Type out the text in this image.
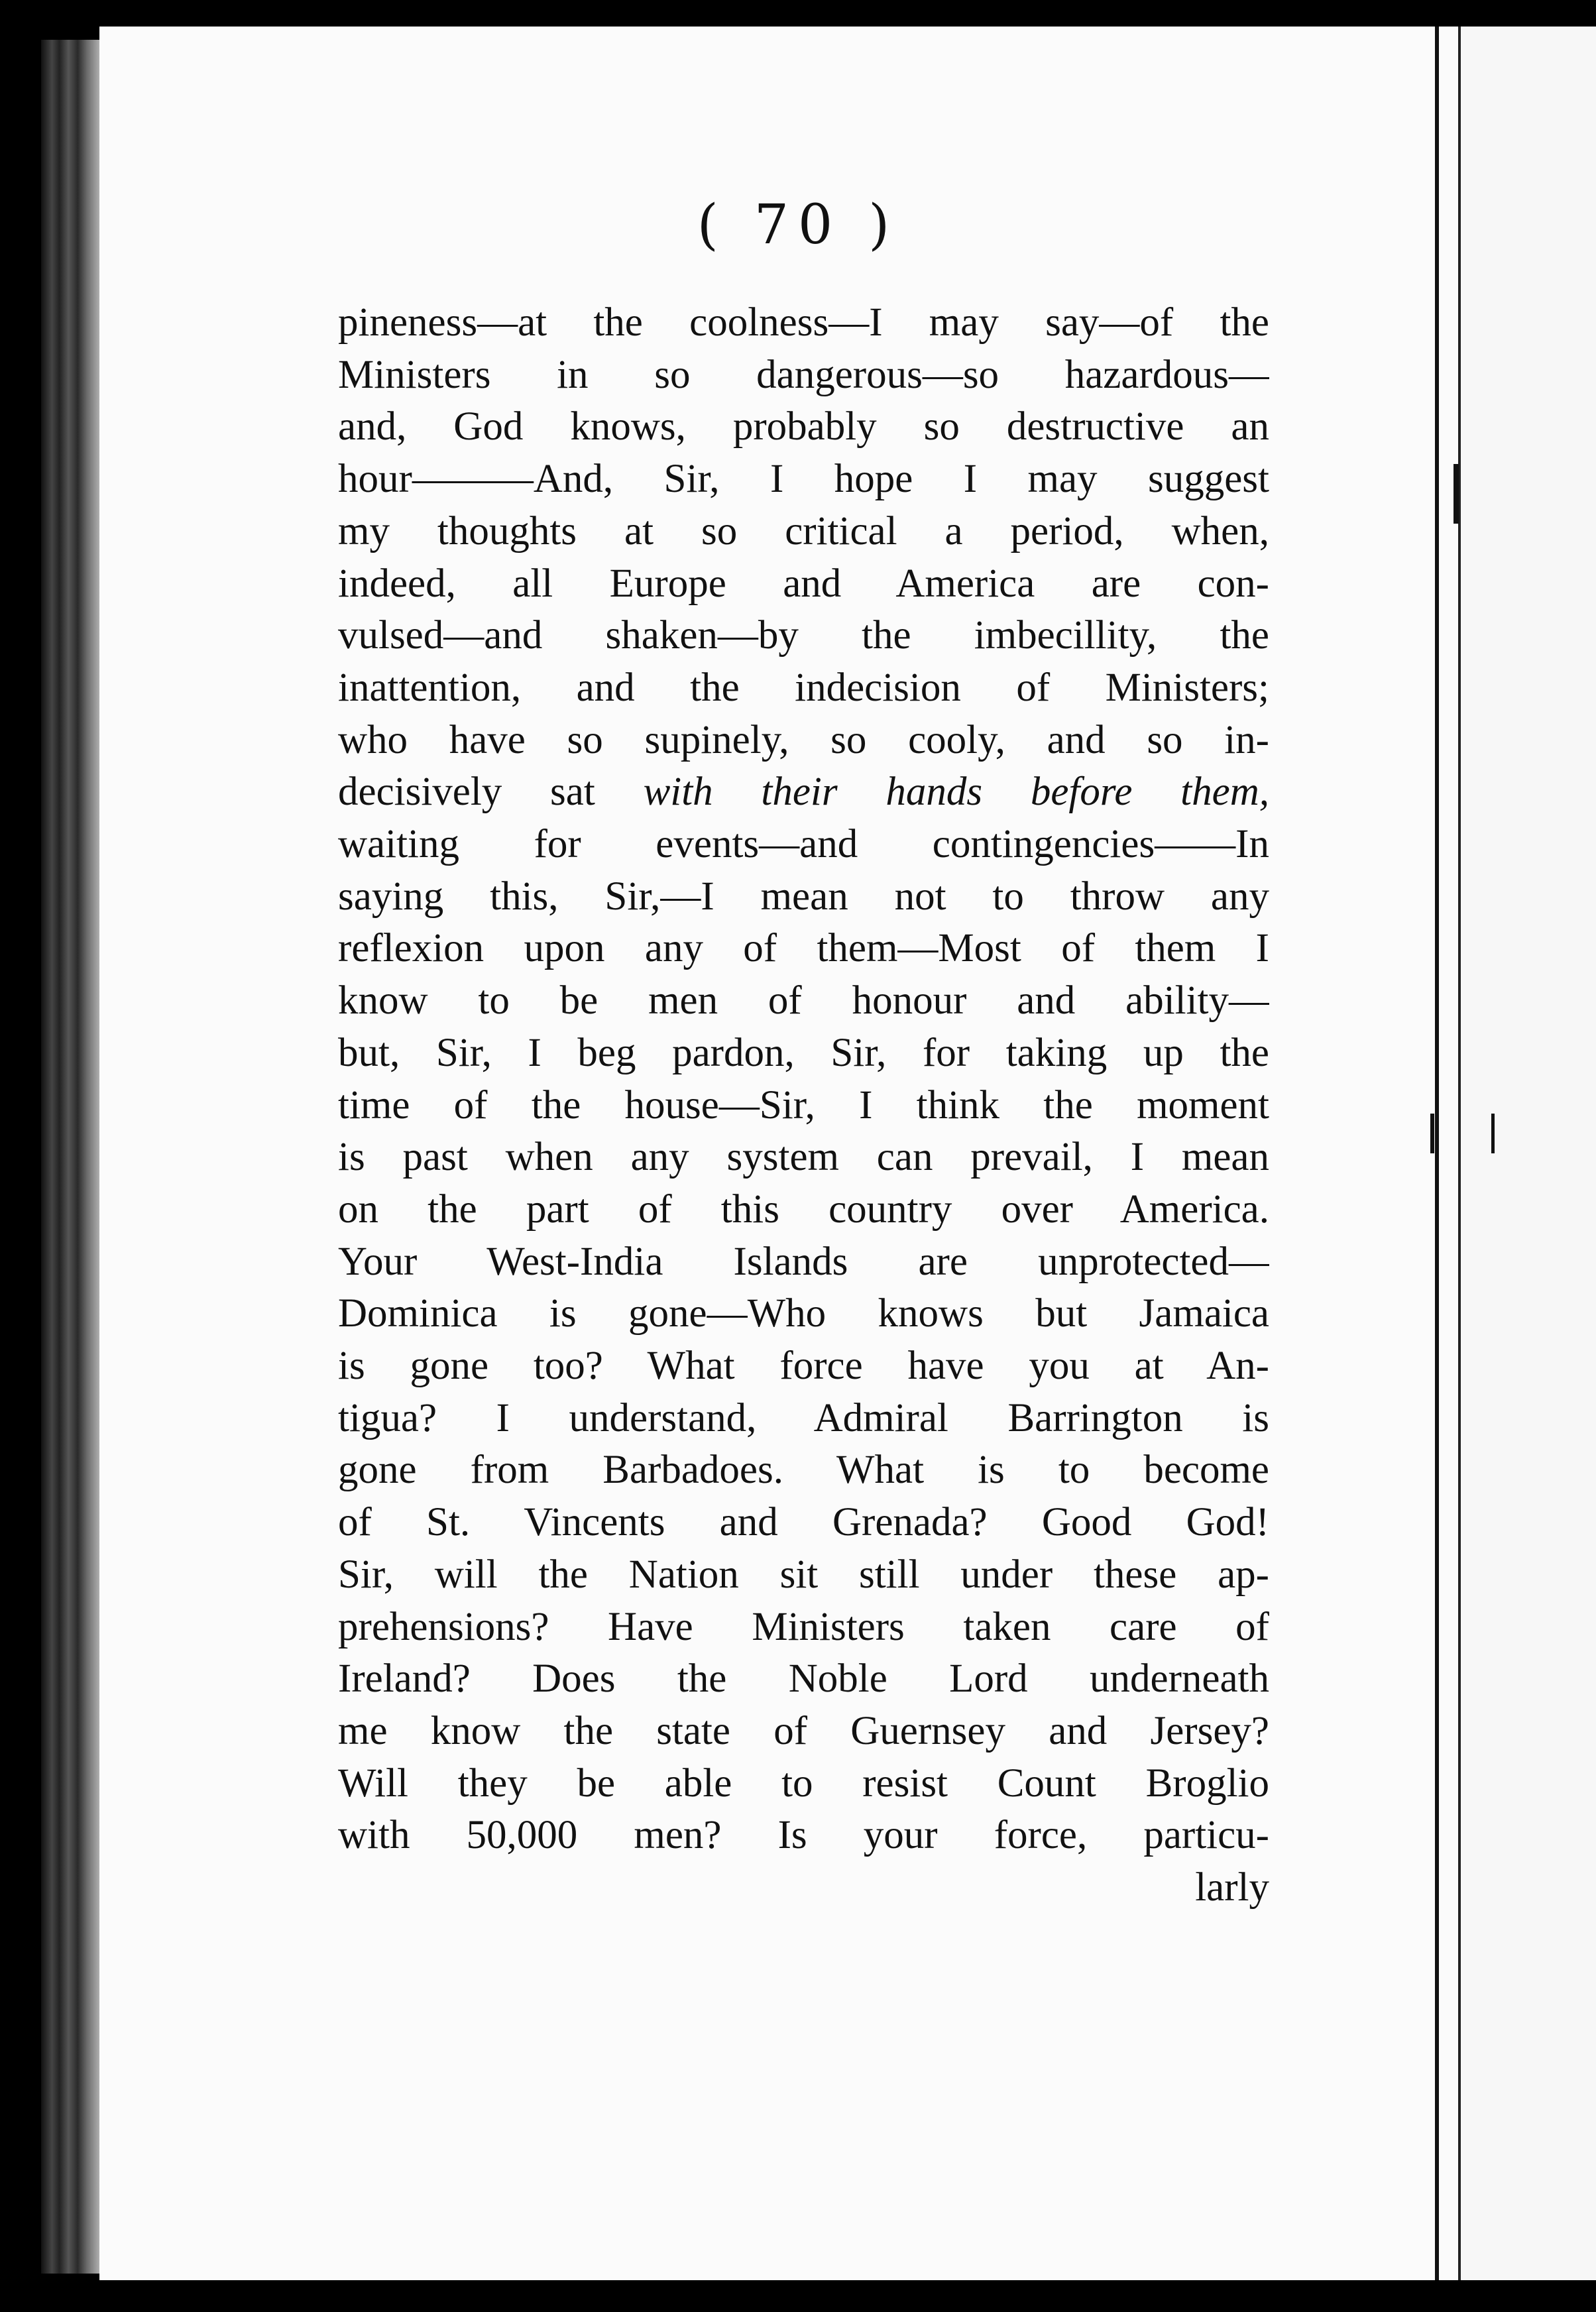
( 70 )
pineness—at the coolness—I may say—of the
Ministers in so dangerous—so hazardous—
and, God knows, probably so destructive an
hour———And, Sir, I hope I may suggest
my thoughts at so critical a period, when,
indeed, all Europe and America are con-
vulsed—and shaken—by the imbecillity, the
inattention, and the indecision of Ministers;
who have so supinely, so cooly, and so in-
decisively sat with their hands before them,
waiting for events—and contingencies——In
saying this, Sir,—I mean not to throw any
reflexion upon any of them—Most of them I
know to be men of honour and ability—
but, Sir, I beg pardon, Sir, for taking up the
time of the house—Sir, I think the moment
is past when any system can prevail, I mean
on the part of this country over America.
Your West-India Islands are unprotected—
Dominica is gone—Who knows but Jamaica
is gone too? What force have you at An-
tigua? I understand, Admiral Barrington is
gone from Barbadoes. What is to become
of St. Vincents and Grenada? Good God!
Sir, will the Nation sit still under these ap-
prehensions? Have Ministers taken care of
Ireland? Does the Noble Lord underneath
me know the state of Guernsey and Jersey?
Will they be able to resist Count Broglio
with 50,000 men? Is your force, particu-
larly
